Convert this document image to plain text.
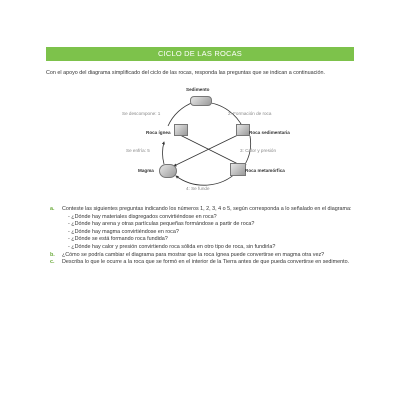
CICLO DE LAS ROCAS
Con el apoyo del diagrama simplificado del ciclo de las rocas, responda las preguntas que se indican a continuación.
Sedimento
Se descompone: 1	2: Formación de roca
Roca ígnea	Roca sedimentaria
Se enfría: 5	3: Calor y presión
Magma	Roca metamórfica
4: Se funde
a. Conteste las siguientes preguntas indicando los números 1, 2, 3, 4 o 5, según corresponda a lo señalado en el diagrama:
- ¿Dónde hay materiales disgregados convirtiéndose en roca?
- ¿Dónde hay arena y otras partículas pequeñas formándose a partir de roca?
- ¿Dónde hay magma convirtiéndose en roca?
- ¿Dónde se está formando roca fundida?
- ¿Dónde hay calor y presión convirtiendo roca sólida en otro tipo de roca, sin fundirla?
b. ¿Cómo se podría cambiar el diagrama para mostrar que la roca ígnea puede convertirse en magma otra vez?
c. Describa lo que le ocurre a la roca que se formó en el interior de la Tierra antes de que pueda convertirse en sedimento.
